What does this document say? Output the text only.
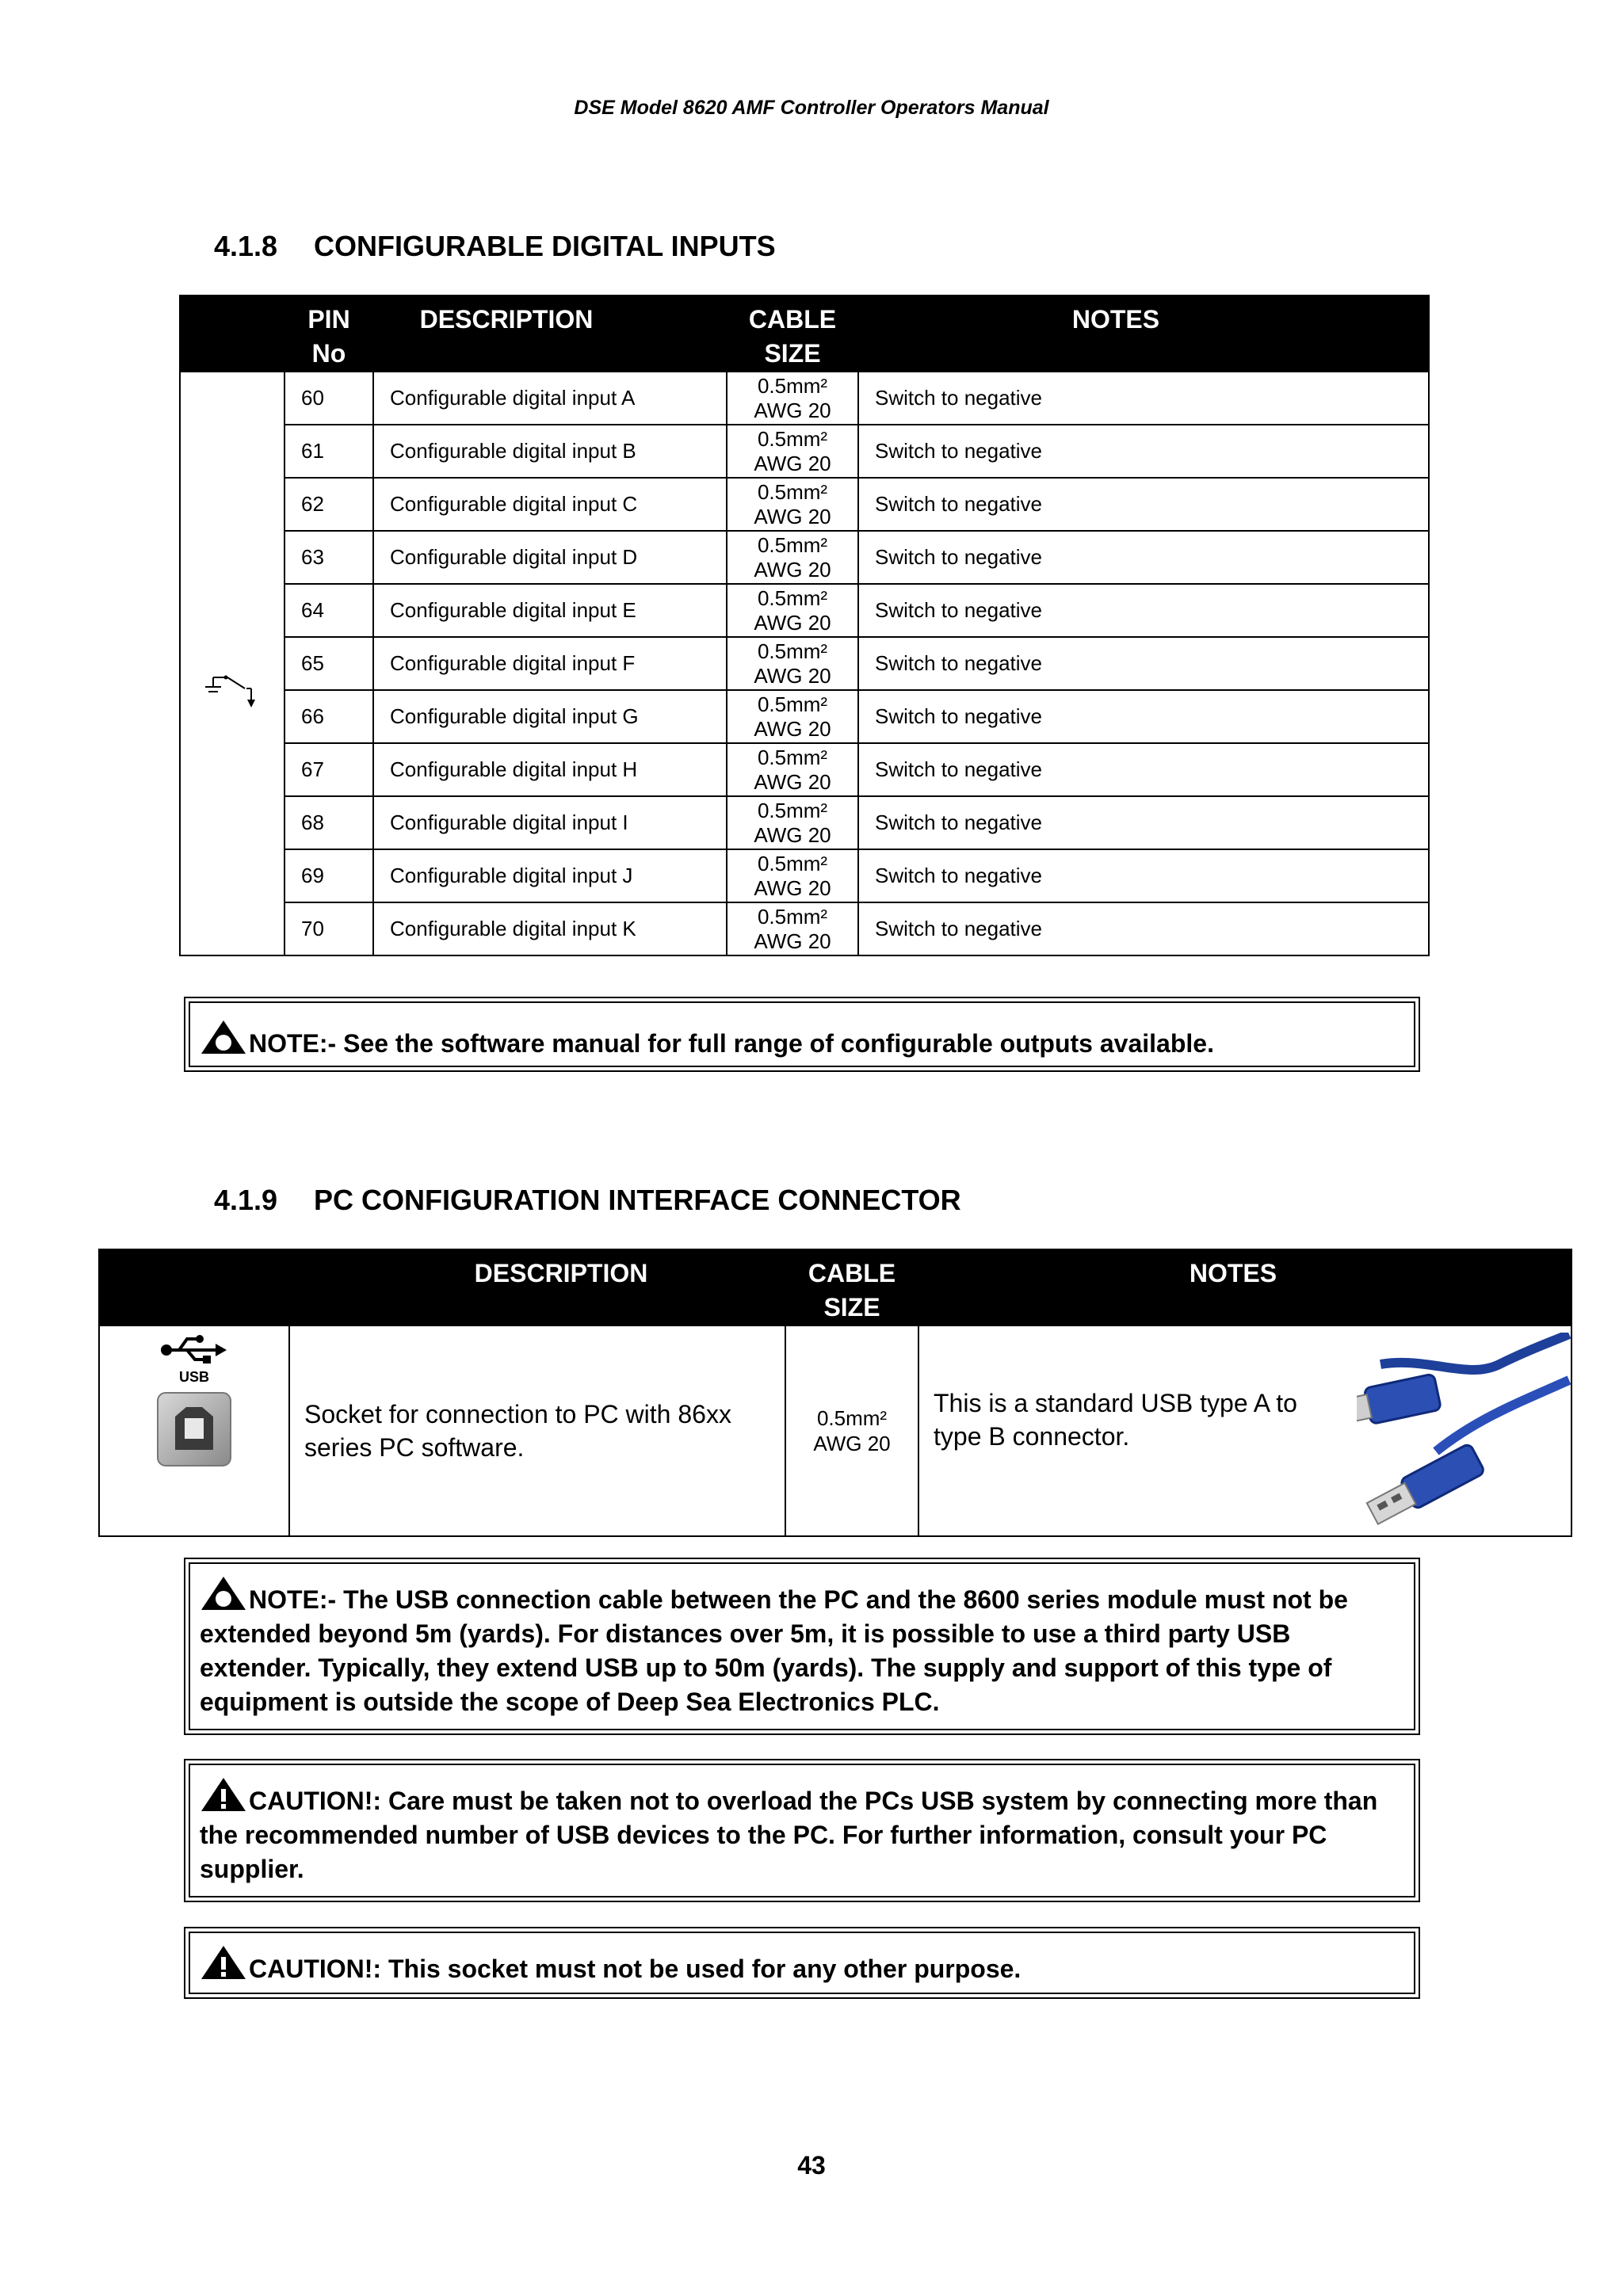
DSE Model 8620 AMF Controller Operators Manual
4.1.8 CONFIGURABLE DIGITAL INPUTS
	PIN No	DESCRIPTION	CABLE SIZE	NOTES
	60	Configurable digital input A	0.5mm²
AWG 20	Switch to negative
	61	Configurable digital input B	0.5mm²
AWG 20	Switch to negative
	62	Configurable digital input C	0.5mm²
AWG 20	Switch to negative
	63	Configurable digital input D	0.5mm²
AWG 20	Switch to negative
	64	Configurable digital input E	0.5mm²
AWG 20	Switch to negative
	65	Configurable digital input F	0.5mm²
AWG 20	Switch to negative
	66	Configurable digital input G	0.5mm²
AWG 20	Switch to negative
	67	Configurable digital input H	0.5mm²
AWG 20	Switch to negative
	68	Configurable digital input I	0.5mm²
AWG 20	Switch to negative
	69	Configurable digital input J	0.5mm²
AWG 20	Switch to negative
	70	Configurable digital input K	0.5mm²
AWG 20	Switch to negative
NOTE:- See the software manual for full range of configurable outputs available.
4.1.9 PC CONFIGURATION INTERFACE CONNECTOR
	DESCRIPTION	CABLE SIZE	NOTES

USB	Socket for connection to PC with 86xx series PC software.	0.5mm²
AWG 20	This is a standard USB type A to type B connector.
NOTE:- The USB connection cable between the PC and the 8600 series module must not be extended beyond 5m (yards). For distances over 5m, it is possible to use a third party USB extender. Typically, they extend USB up to 50m (yards). The supply and support of this type of equipment is outside the scope of Deep Sea Electronics PLC.
CAUTION!: Care must be taken not to overload the PCs USB system by connecting more than the recommended number of USB devices to the PC. For further information, consult your PC supplier.
CAUTION!: This socket must not be used for any other purpose.
43
